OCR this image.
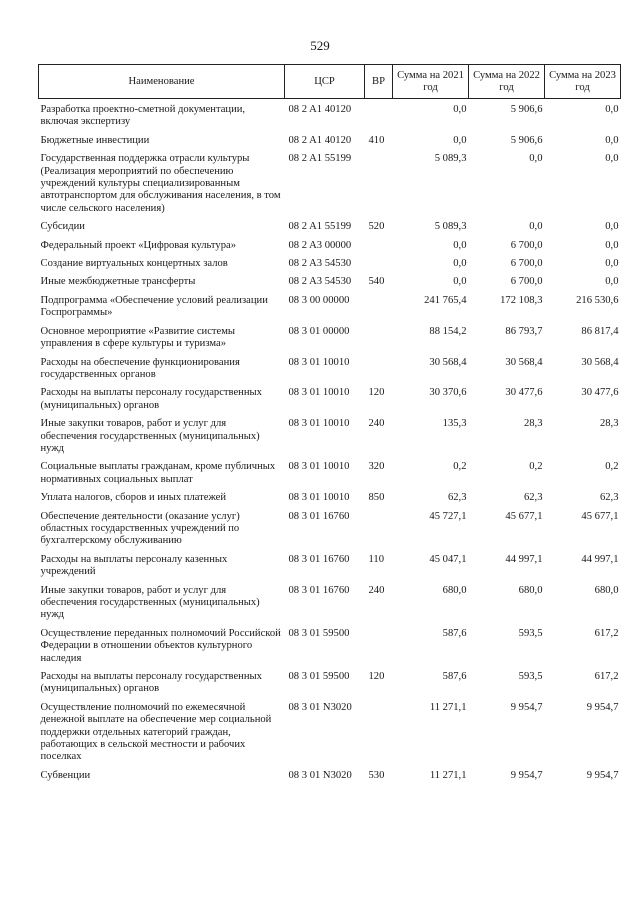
529
Наименование	ЦСР	ВР	Сумма на 2021 год	Сумма на 2022 год	Сумма на 2023 год
Разработка проектно-сметной документации, включая экспертизу	08 2 A1 40120		0,0	5 906,6	0,0
Бюджетные инвестиции	08 2 A1 40120	410	0,0	5 906,6	0,0
Государственная поддержка отрасли культуры (Реализация мероприятий по обеспечению учреждений культуры специализированным автотранспортом для обслуживания населения, в том числе сельского населения)	08 2 A1 55199		5 089,3	0,0	0,0
Субсидии	08 2 A1 55199	520	5 089,3	0,0	0,0
Федеральный проект «Цифровая культура»	08 2 A3 00000		0,0	6 700,0	0,0
Создание виртуальных концертных залов	08 2 A3 54530		0,0	6 700,0	0,0
Иные межбюджетные трансферты	08 2 A3 54530	540	0,0	6 700,0	0,0
Подпрограмма «Обеспечение условий реализации Госпрограммы»	08 3 00 00000		241 765,4	172 108,3	216 530,6
Основное мероприятие «Развитие системы управления в сфере культуры и туризма»	08 3 01 00000		88 154,2	86 793,7	86 817,4
Расходы на обеспечение функционирования государственных органов	08 3 01 10010		30 568,4	30 568,4	30 568,4
Расходы на выплаты персоналу государственных (муниципальных) органов	08 3 01 10010	120	30 370,6	30 477,6	30 477,6
Иные закупки товаров, работ и услуг для обеспечения государственных (муниципальных) нужд	08 3 01 10010	240	135,3	28,3	28,3
Социальные выплаты гражданам, кроме публичных нормативных социальных выплат	08 3 01 10010	320	0,2	0,2	0,2
Уплата налогов, сборов и иных платежей	08 3 01 10010	850	62,3	62,3	62,3
Обеспечение деятельности (оказание услуг) областных государственных учреждений по бухгалтерскому обслуживанию	08 3 01 16760		45 727,1	45 677,1	45 677,1
Расходы на выплаты персоналу казенных учреждений	08 3 01 16760	110	45 047,1	44 997,1	44 997,1
Иные закупки товаров, работ и услуг для обеспечения государственных (муниципальных) нужд	08 3 01 16760	240	680,0	680,0	680,0
Осуществление переданных полномочий Российской Федерации в отношении объектов культурного наследия	08 3 01 59500		587,6	593,5	617,2
Расходы на выплаты персоналу государственных (муниципальных) органов	08 3 01 59500	120	587,6	593,5	617,2
Осуществление полномочий по ежемесячной денежной выплате на обеспечение мер социальной поддержки отдельных категорий граждан, работающих в сельской местности и рабочих поселках	08 3 01 N3020		11 271,1	9 954,7	9 954,7
Субвенции	08 3 01 N3020	530	11 271,1	9 954,7	9 954,7
